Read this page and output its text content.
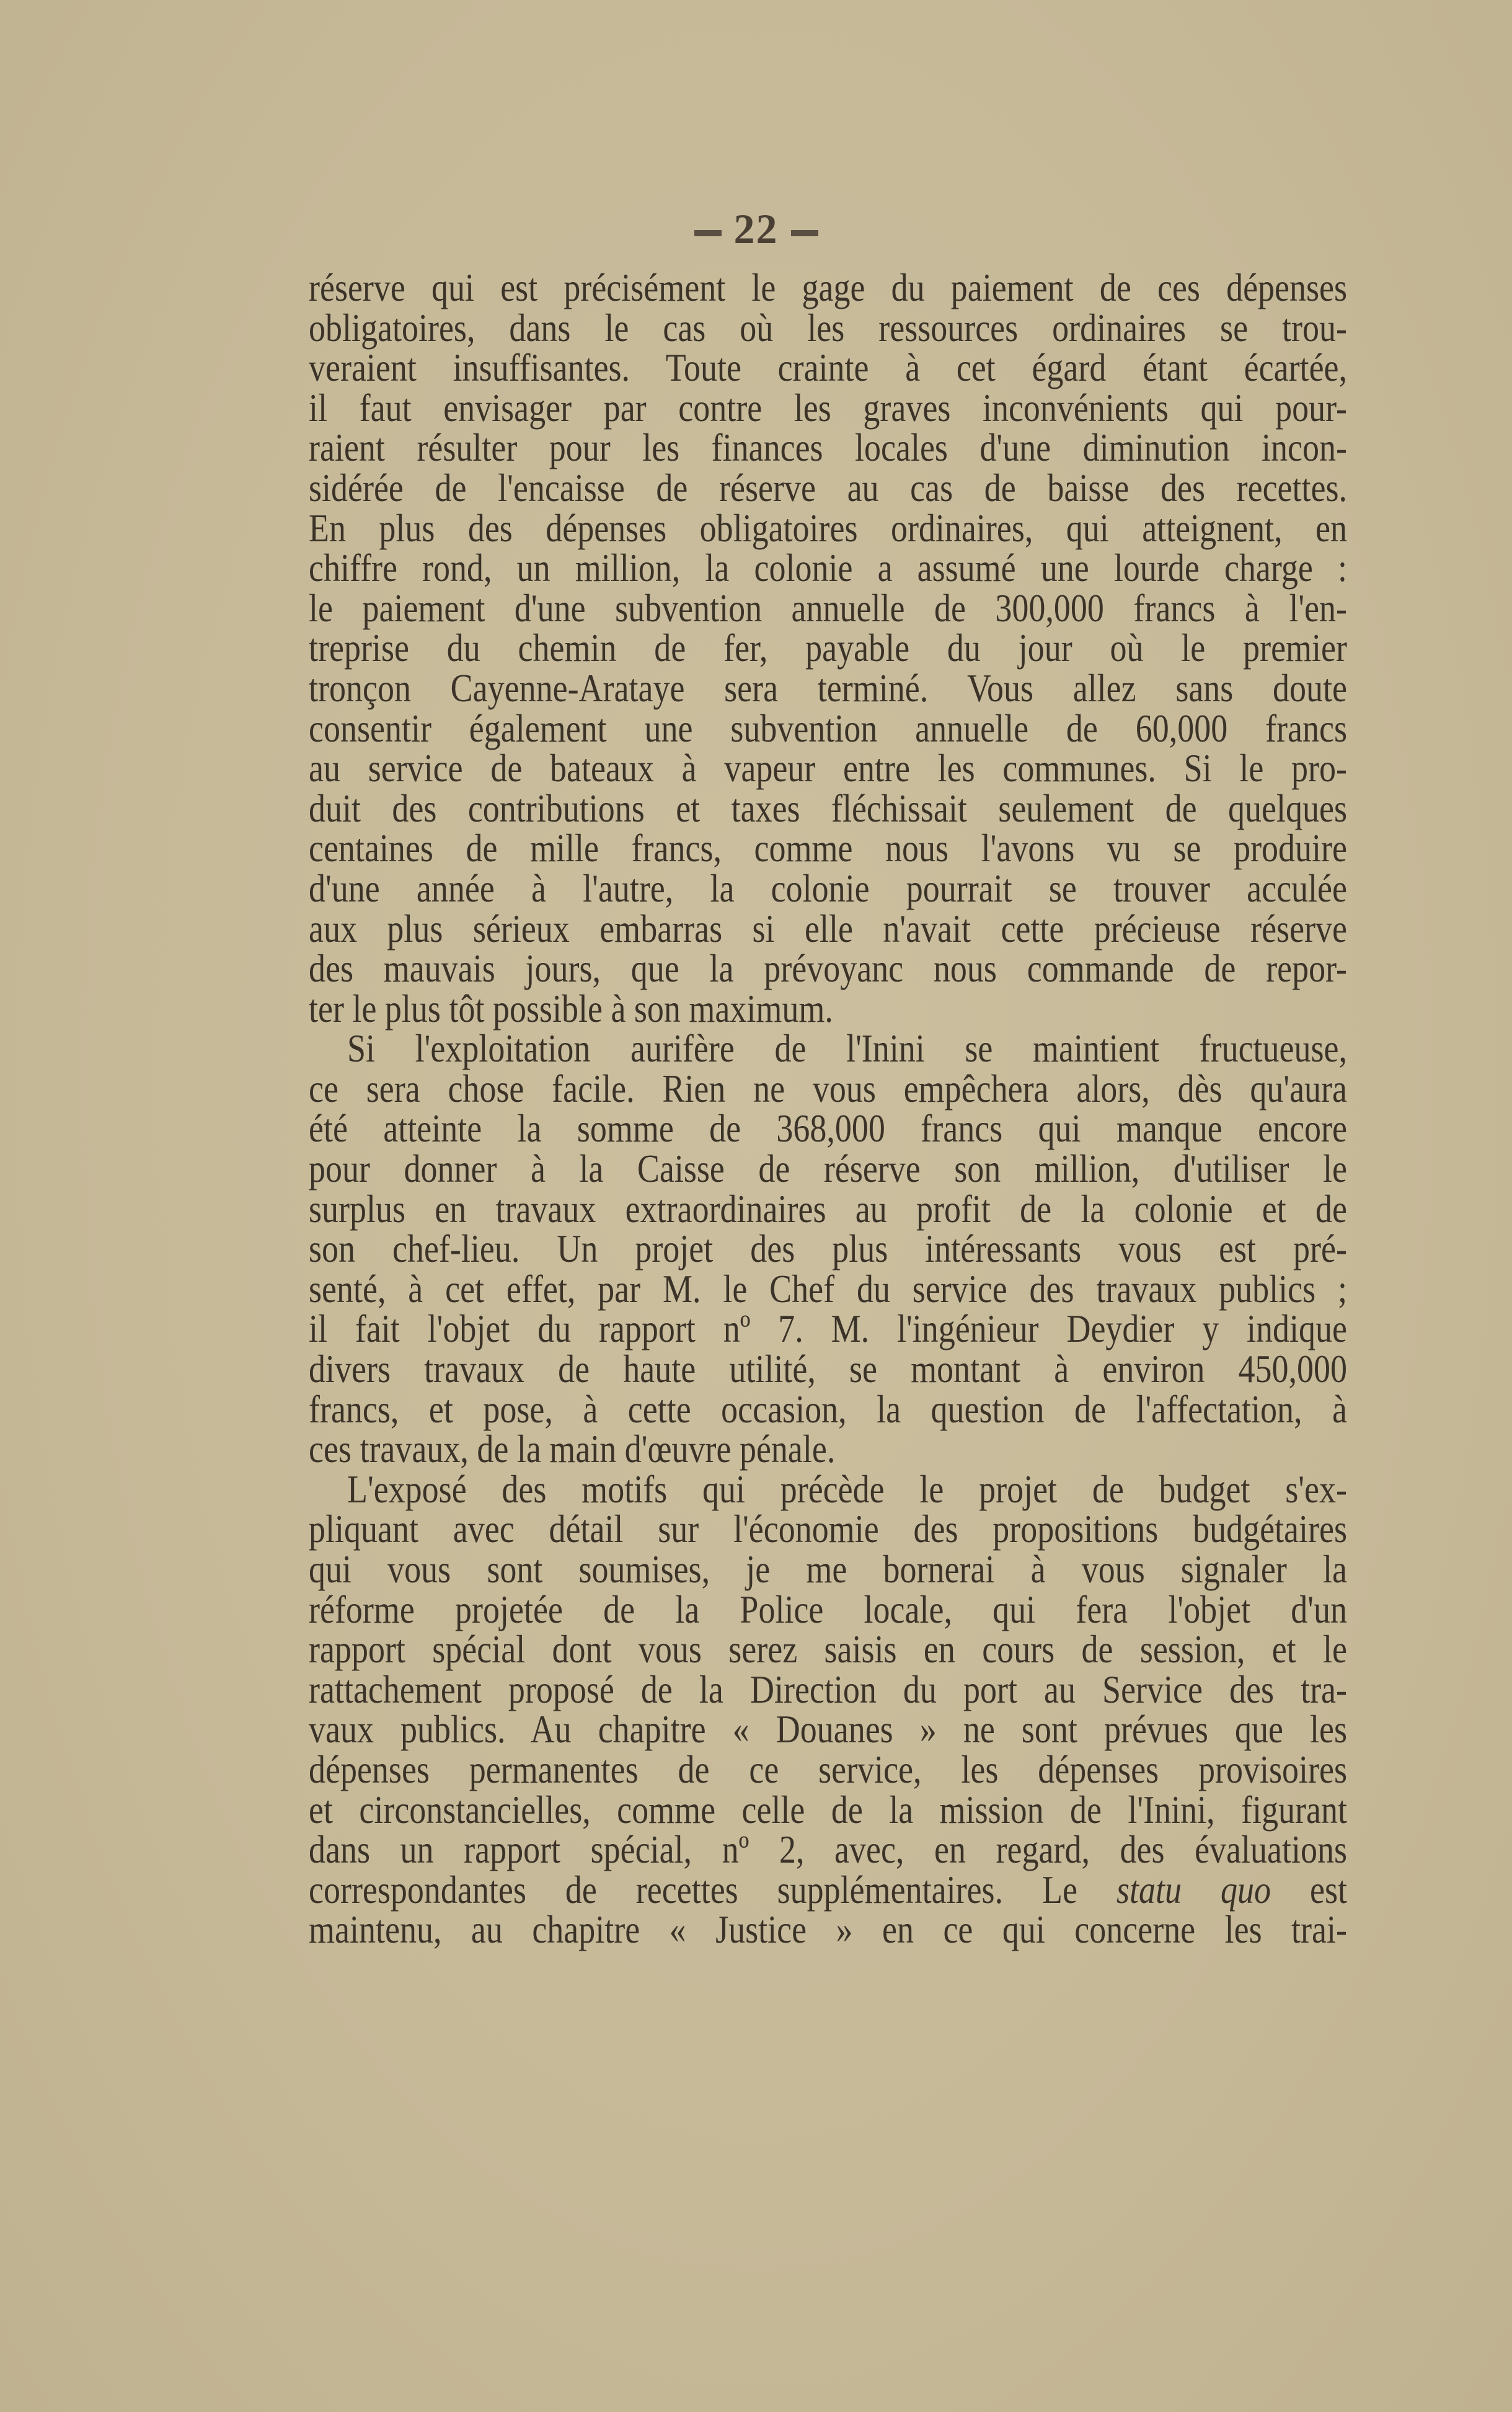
22
réserve qui est précisément le gage du paiement de ces dépenses
obligatoires, dans le cas où les ressources ordinaires se trou-
veraient insuffisantes. Toute crainte à cet égard étant écartée,
il faut envisager par contre les graves inconvénients qui pour-
raient résulter pour les finances locales d'une diminution incon-
sidérée de l'encaisse de réserve au cas de baisse des recettes.
En plus des dépenses obligatoires ordinaires, qui atteignent, en
chiffre rond, un million, la colonie a assumé une lourde charge :
le paiement d'une subvention annuelle de 300,000 francs à l'en-
treprise du chemin de fer, payable du jour où le premier
tronçon Cayenne-Arataye sera terminé. Vous allez sans doute
consentir également une subvention annuelle de 60,000 francs
au service de bateaux à vapeur entre les communes. Si le pro-
duit des contributions et taxes fléchissait seulement de quelques
centaines de mille francs, comme nous l'avons vu se produire
d'une année à l'autre, la colonie pourrait se trouver acculée
aux plus sérieux embarras si elle n'avait cette précieuse réserve
des mauvais jours, que la prévoyanc nous commande de repor-
ter le plus tôt possible à son maximum.
Si l'exploitation aurifère de l'Inini se maintient fructueuse,
ce sera chose facile. Rien ne vous empêchera alors, dès qu'aura
été atteinte la somme de 368,000 francs qui manque encore
pour donner à la Caisse de réserve son million, d'utiliser le
surplus en travaux extraordinaires au profit de la colonie et de
son chef-lieu. Un projet des plus intéressants vous est pré-
senté, à cet effet, par M. le Chef du service des travaux publics ;
il fait l'objet du rapport nº 7. M. l'ingénieur Deydier y indique
divers travaux de haute utilité, se montant à environ 450,000
francs, et pose, à cette occasion, la question de l'affectation, à
ces travaux, de la main d'œuvre pénale.
L'exposé des motifs qui précède le projet de budget s'ex-
pliquant avec détail sur l'économie des propositions budgétaires
qui vous sont soumises, je me bornerai à vous signaler la
réforme projetée de la Police locale, qui fera l'objet d'un
rapport spécial dont vous serez saisis en cours de session, et le
rattachement proposé de la Direction du port au Service des tra-
vaux publics. Au chapitre « Douanes » ne sont prévues que les
dépenses permanentes de ce service, les dépenses provisoires
et circonstancielles, comme celle de la mission de l'Inini, figurant
dans un rapport spécial, nº 2, avec, en regard, des évaluations
correspondantes de recettes supplémentaires. Le statu quo est
maintenu, au chapitre « Justice » en ce qui concerne les trai-
